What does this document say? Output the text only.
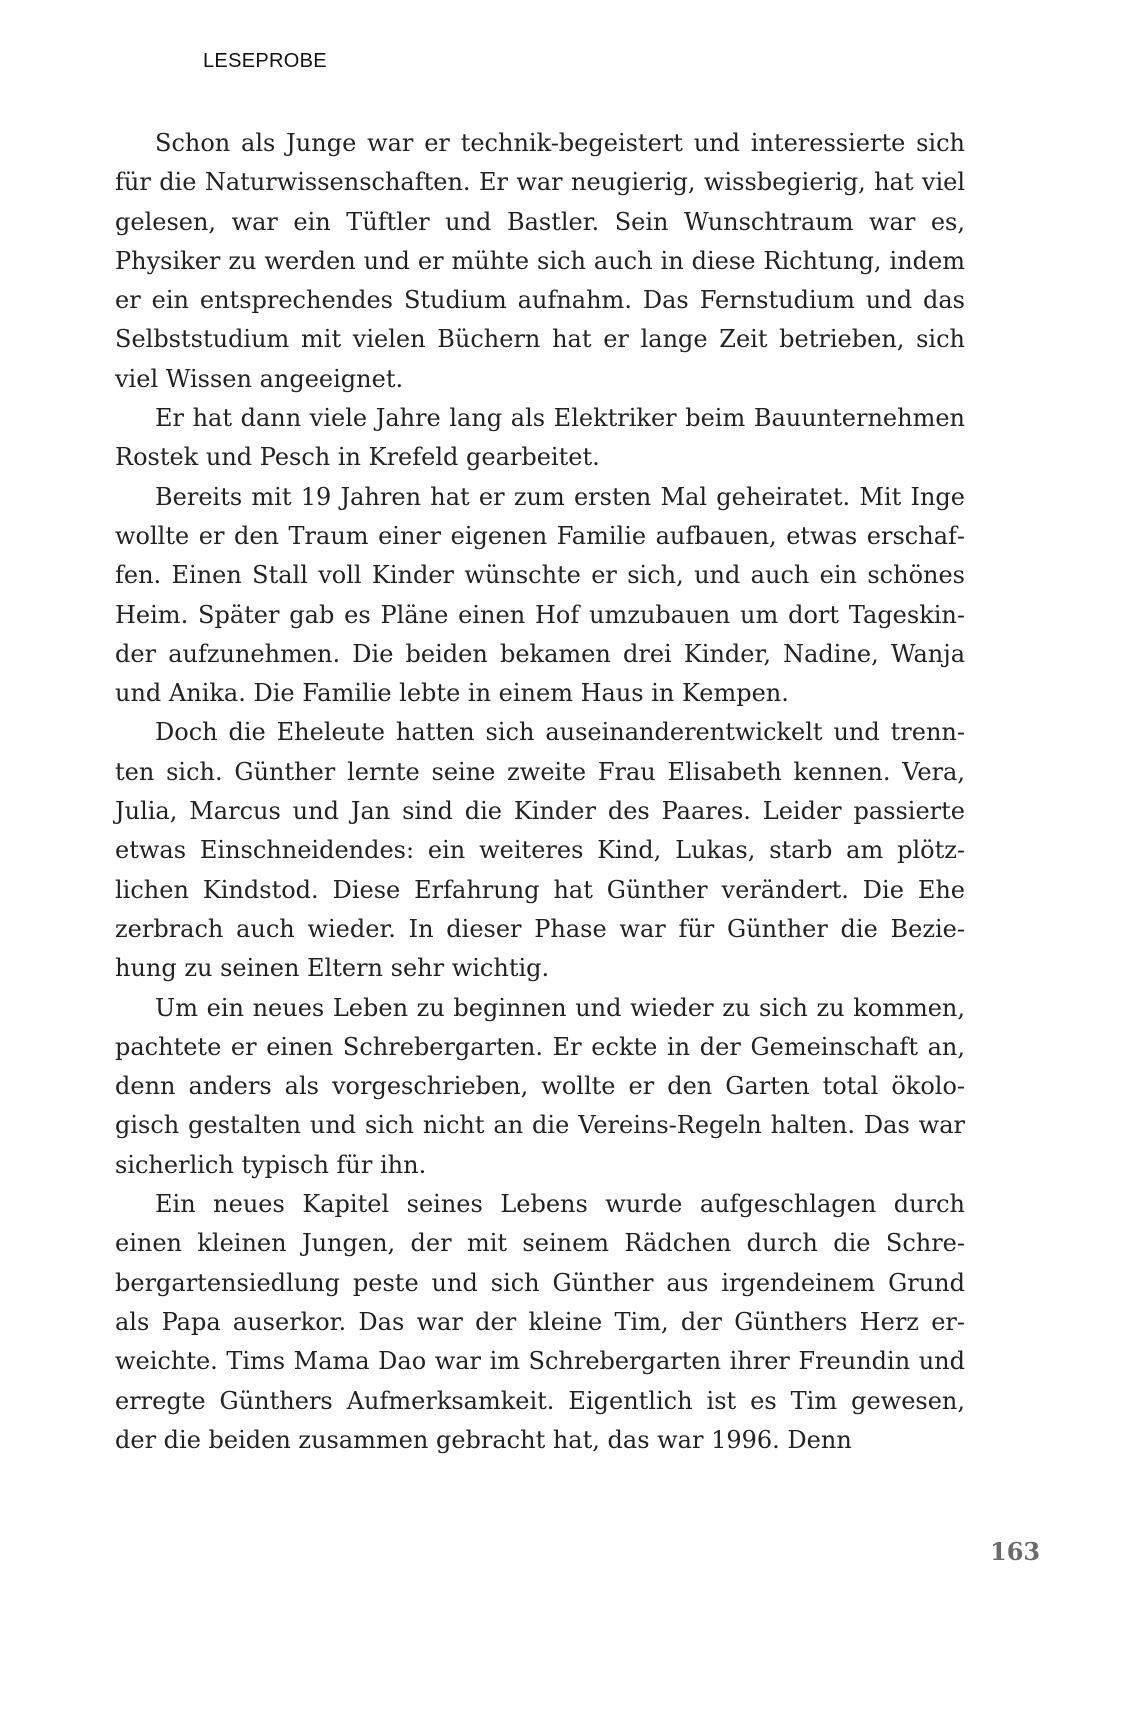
LESEPROBE

Schon als Junge war er technik-begeistert und interessierte sich für die Naturwissenschaften. Er war neugierig, wissbegierig, hat viel gelesen, war ein Tüftler und Bastler. Sein Wunschtraum war es, Physiker zu werden und er mühte sich auch in diese Richtung, indem er ein entsprechendes Studium aufnahm. Das Fernstudium und das Selbststudium mit vielen Büchern hat er lange Zeit betrieben, sich viel Wissen angeeignet.

Er hat dann viele Jahre lang als Elektriker beim Bauunternehmen Rostek und Pesch in Krefeld gearbeitet.

Bereits mit 19 Jahren hat er zum ersten Mal geheiratet. Mit Inge wollte er den Traum einer eigenen Familie aufbauen, etwas erschaffen. Einen Stall voll Kinder wünschte er sich, und auch ein schönes Heim. Später gab es Pläne einen Hof umzubauen um dort Tageskinder aufzunehmen. Die beiden bekamen drei Kinder, Nadine, Wanja und Anika. Die Familie lebte in einem Haus in Kempen.

Doch die Eheleute hatten sich auseinanderentwickelt und trennten sich. Günther lernte seine zweite Frau Elisabeth kennen. Vera, Julia, Marcus und Jan sind die Kinder des Paares. Leider passierte etwas Einschneidendes: ein weiteres Kind, Lukas, starb am plötzlichen Kindstod. Diese Erfahrung hat Günther verändert. Die Ehe zerbrach auch wieder. In dieser Phase war für Günther die Beziehung zu seinen Eltern sehr wichtig.

Um ein neues Leben zu beginnen und wieder zu sich zu kommen, pachtete er einen Schrebergarten. Er eckte in der Gemeinschaft an, denn anders als vorgeschrieben, wollte er den Garten total ökologisch gestalten und sich nicht an die Vereins-Regeln halten. Das war sicherlich typisch für ihn.

Ein neues Kapitel seines Lebens wurde aufgeschlagen durch einen kleinen Jungen, der mit seinem Rädchen durch die Schrebergartensiedlung peste und sich Günther aus irgendeinem Grund als Papa auserkor. Das war der kleine Tim, der Günthers Herz erweichte. Tims Mama Dao war im Schrebergarten ihrer Freundin und erregte Günthers Aufmerksamkeit. Eigentlich ist es Tim gewesen, der die beiden zusammen gebracht hat, das war 1996. Denn

163
